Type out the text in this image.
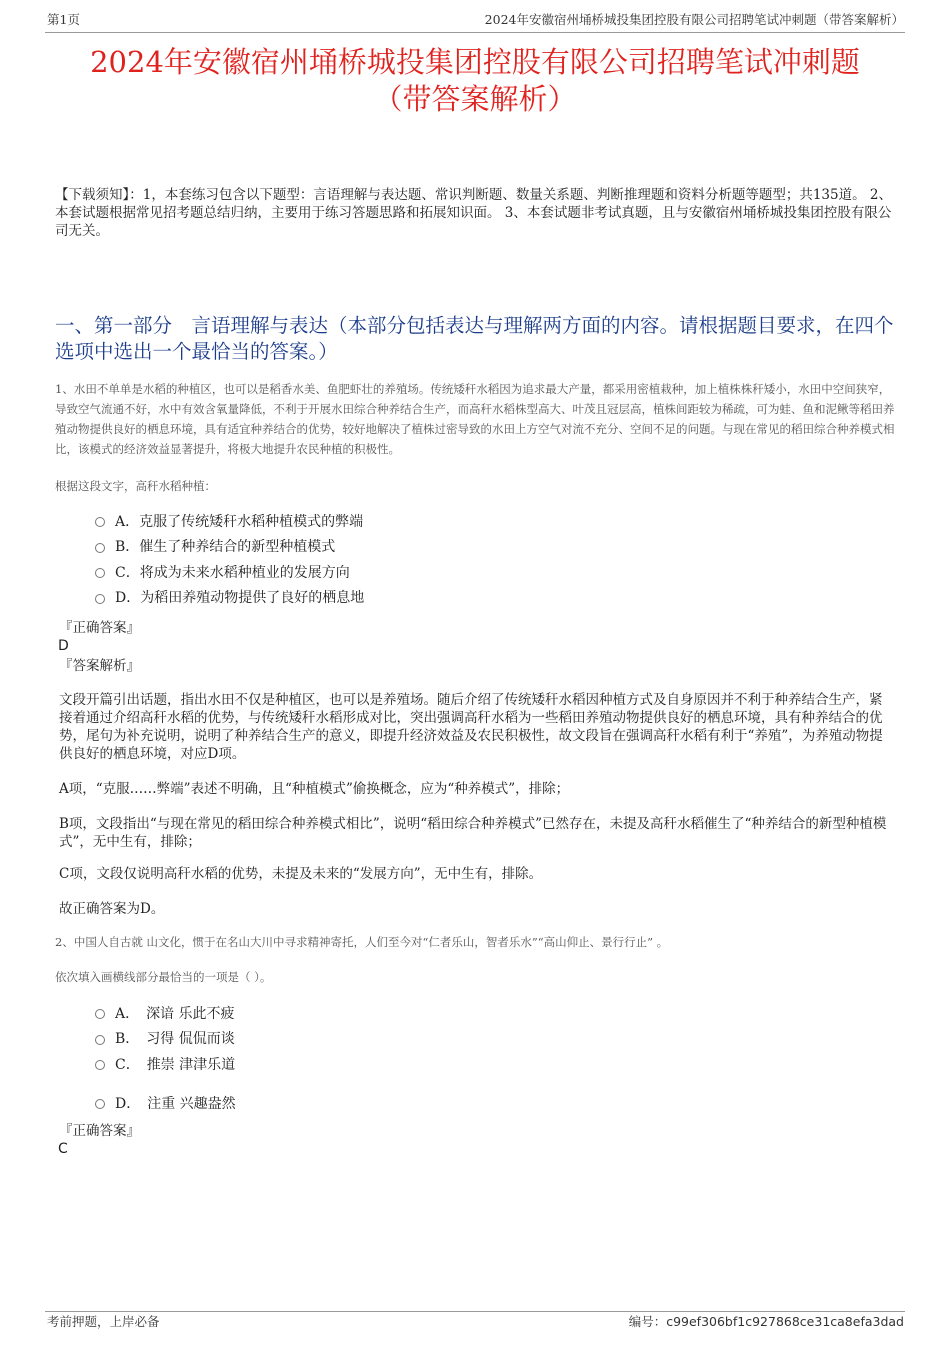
第1页	2024年安徽宿州埇桥城投集团控股有限公司招聘笔试冲刺题（带答案解析）
2024年安徽宿州埇桥城投集团控股有限公司招聘笔试冲刺题
（带答案解析）
【下载须知】：1，本套练习包含以下题型：言语理解与表达题、常识判断题、数量关系题、判断推理题和资料分析题等题型；共135道。 2、本套试题根据常见招考题总结归纳，主要用于练习答题思路和拓展知识面。 3、本套试题非考试真题，且与安徽宿州埇桥城投集团控股有限公司无关。
一、第一部分　言语理解与表达（本部分包括表达与理解两方面的内容。请根据题目要求，在四个选项中选出一个最恰当的答案。）
1、水田不单单是水稻的种植区，也可以是稻香水美、鱼肥虾壮的养殖场。传统矮秆水稻因为追求最大产量，都采用密植栽种，加上植株株秆矮小，水田中空间狭窄，导致空气流通不好，水中有效含氧量降低，不利于开展水田综合种养结合生产，而高秆水稻株型高大、叶茂且冠层高，植株间距较为稀疏，可为蛙、鱼和泥鳅等稻田养殖动物提供良好的栖息环境，具有适宜种养结合的优势，较好地解决了植株过密导致的水田上方空气对流不充分、空间不足的问题。与现在常见的稻田综合种养模式相比，该模式的经济效益显著提升，将极大地提升农民种植的积极性。
根据这段文字，高秆水稻种植：
A．克服了传统矮秆水稻种植模式的弊端
B．催生了种养结合的新型种植模式
C．将成为未来水稻种植业的发展方向
D．为稻田养殖动物提供了良好的栖息地
『正确答案』
D
『答案解析』
文段开篇引出话题，指出水田不仅是种植区，也可以是养殖场。随后介绍了传统矮秆水稻因种植方式及自身原因并不利于种养结合生产，紧接着通过介绍高秆水稻的优势，与传统矮秆水稻形成对比，突出强调高秆水稻为一些稻田养殖动物提供良好的栖息环境，具有种养结合的优势，尾句为补充说明，说明了种养结合生产的意义，即提升经济效益及农民积极性，故文段旨在强调高秆水稻有利于“养殖”，为养殖动物提供良好的栖息环境，对应D项。
A项，“克服……弊端”表述不明确，且“种植模式”偷换概念，应为“种养模式”，排除；
B项，文段指出“与现在常见的稻田综合种养模式相比”，说明“稻田综合种养模式”已然存在，未提及高秆水稻催生了“种养结合的新型种植模式”，无中生有，排除；
C项，文段仅说明高秆水稻的优势，未提及未来的“发展方向”，无中生有，排除。
故正确答案为D。
2、中国人自古就 山文化，惯于在名山大川中寻求精神寄托，人们至今对“仁者乐山，智者乐水”“高山仰止、景行行止” 。
依次填入画横线部分最恰当的一项是（ ）。
A．　深谙 乐此不疲
B．　习得 侃侃而谈
C．　推崇 津津乐道
D．　注重 兴趣盎然
『正确答案』
C
考前押题，上岸必备	编号：c99ef306bf1c927868ce31ca8efa3dad
